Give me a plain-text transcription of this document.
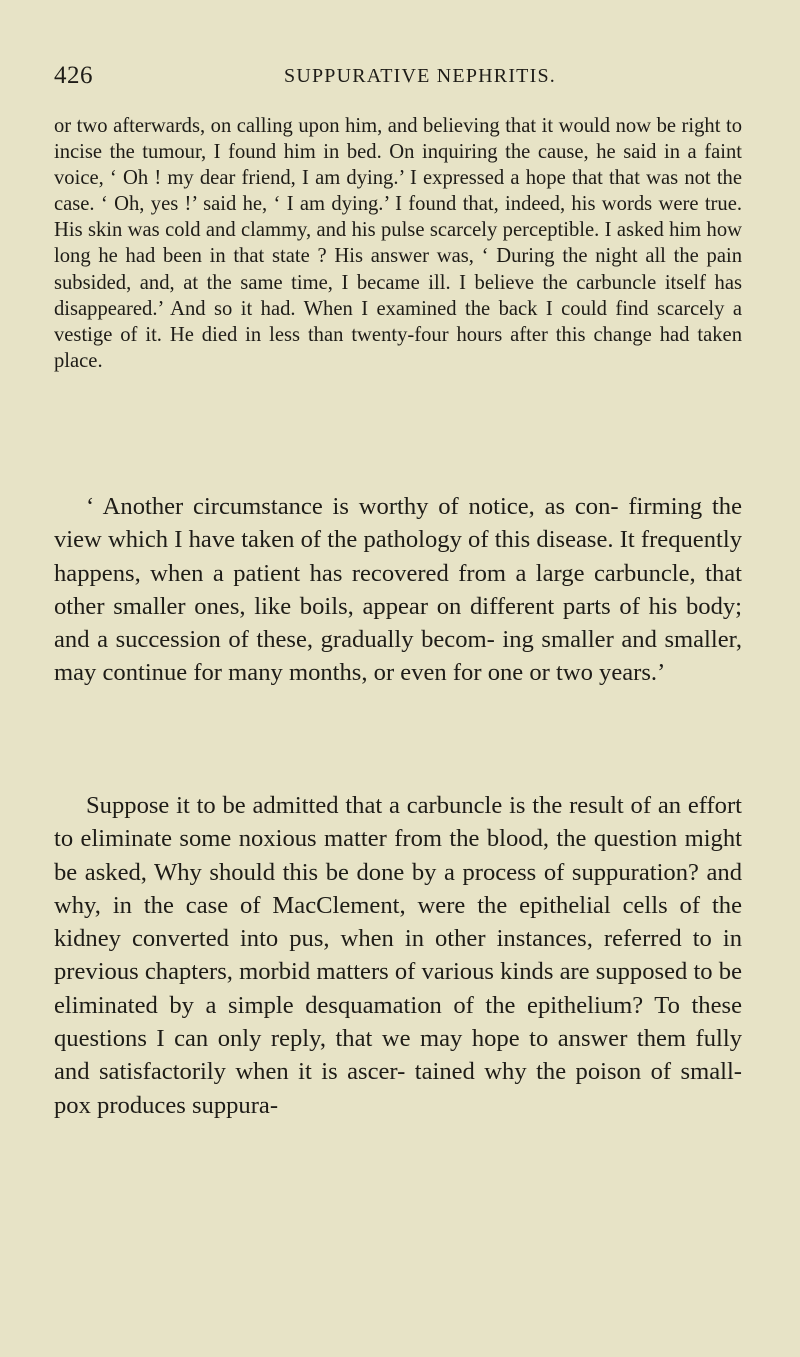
426	SUPPURATIVE NEPHRITIS.

or two afterwards, on calling upon him, and believing that it would now be right to incise the tumour, I found him in bed. On inquiring the cause, he said in a faint voice, ‘ Oh ! my dear friend, I am dying.’ I expressed a hope that that was not the case. ‘ Oh, yes !’ said he, ‘ I am dying.’ I found that, indeed, his words were true. His skin was cold and clammy, and his pulse scarcely perceptible. I asked him how long he had been in that state ? His answer was, ‘ During the night all the pain subsided, and, at the same time, I became ill. I believe the carbuncle itself has disappeared.’ And so it had. When I examined the back I could find scarcely a vestige of it. He died in less than twenty-four hours after this change had taken place.

‘ Another circumstance is worthy of notice, as con- firming the view which I have taken of the pathology of this disease. It frequently happens, when a patient has recovered from a large carbuncle, that other smaller ones, like boils, appear on different parts of his body; and a succession of these, gradually becom- ing smaller and smaller, may continue for many months, or even for one or two years.’

Suppose it to be admitted that a carbuncle is the result of an effort to eliminate some noxious matter from the blood, the question might be asked, Why should this be done by a process of suppuration? and why, in the case of MacClement, were the epithelial cells of the kidney converted into pus, when in other instances, referred to in previous chapters, morbid matters of various kinds are supposed to be eliminated by a simple desquamation of the epithelium? To these questions I can only reply, that we may hope to answer them fully and satisfactorily when it is ascer- tained why the poison of small-pox produces suppura-
